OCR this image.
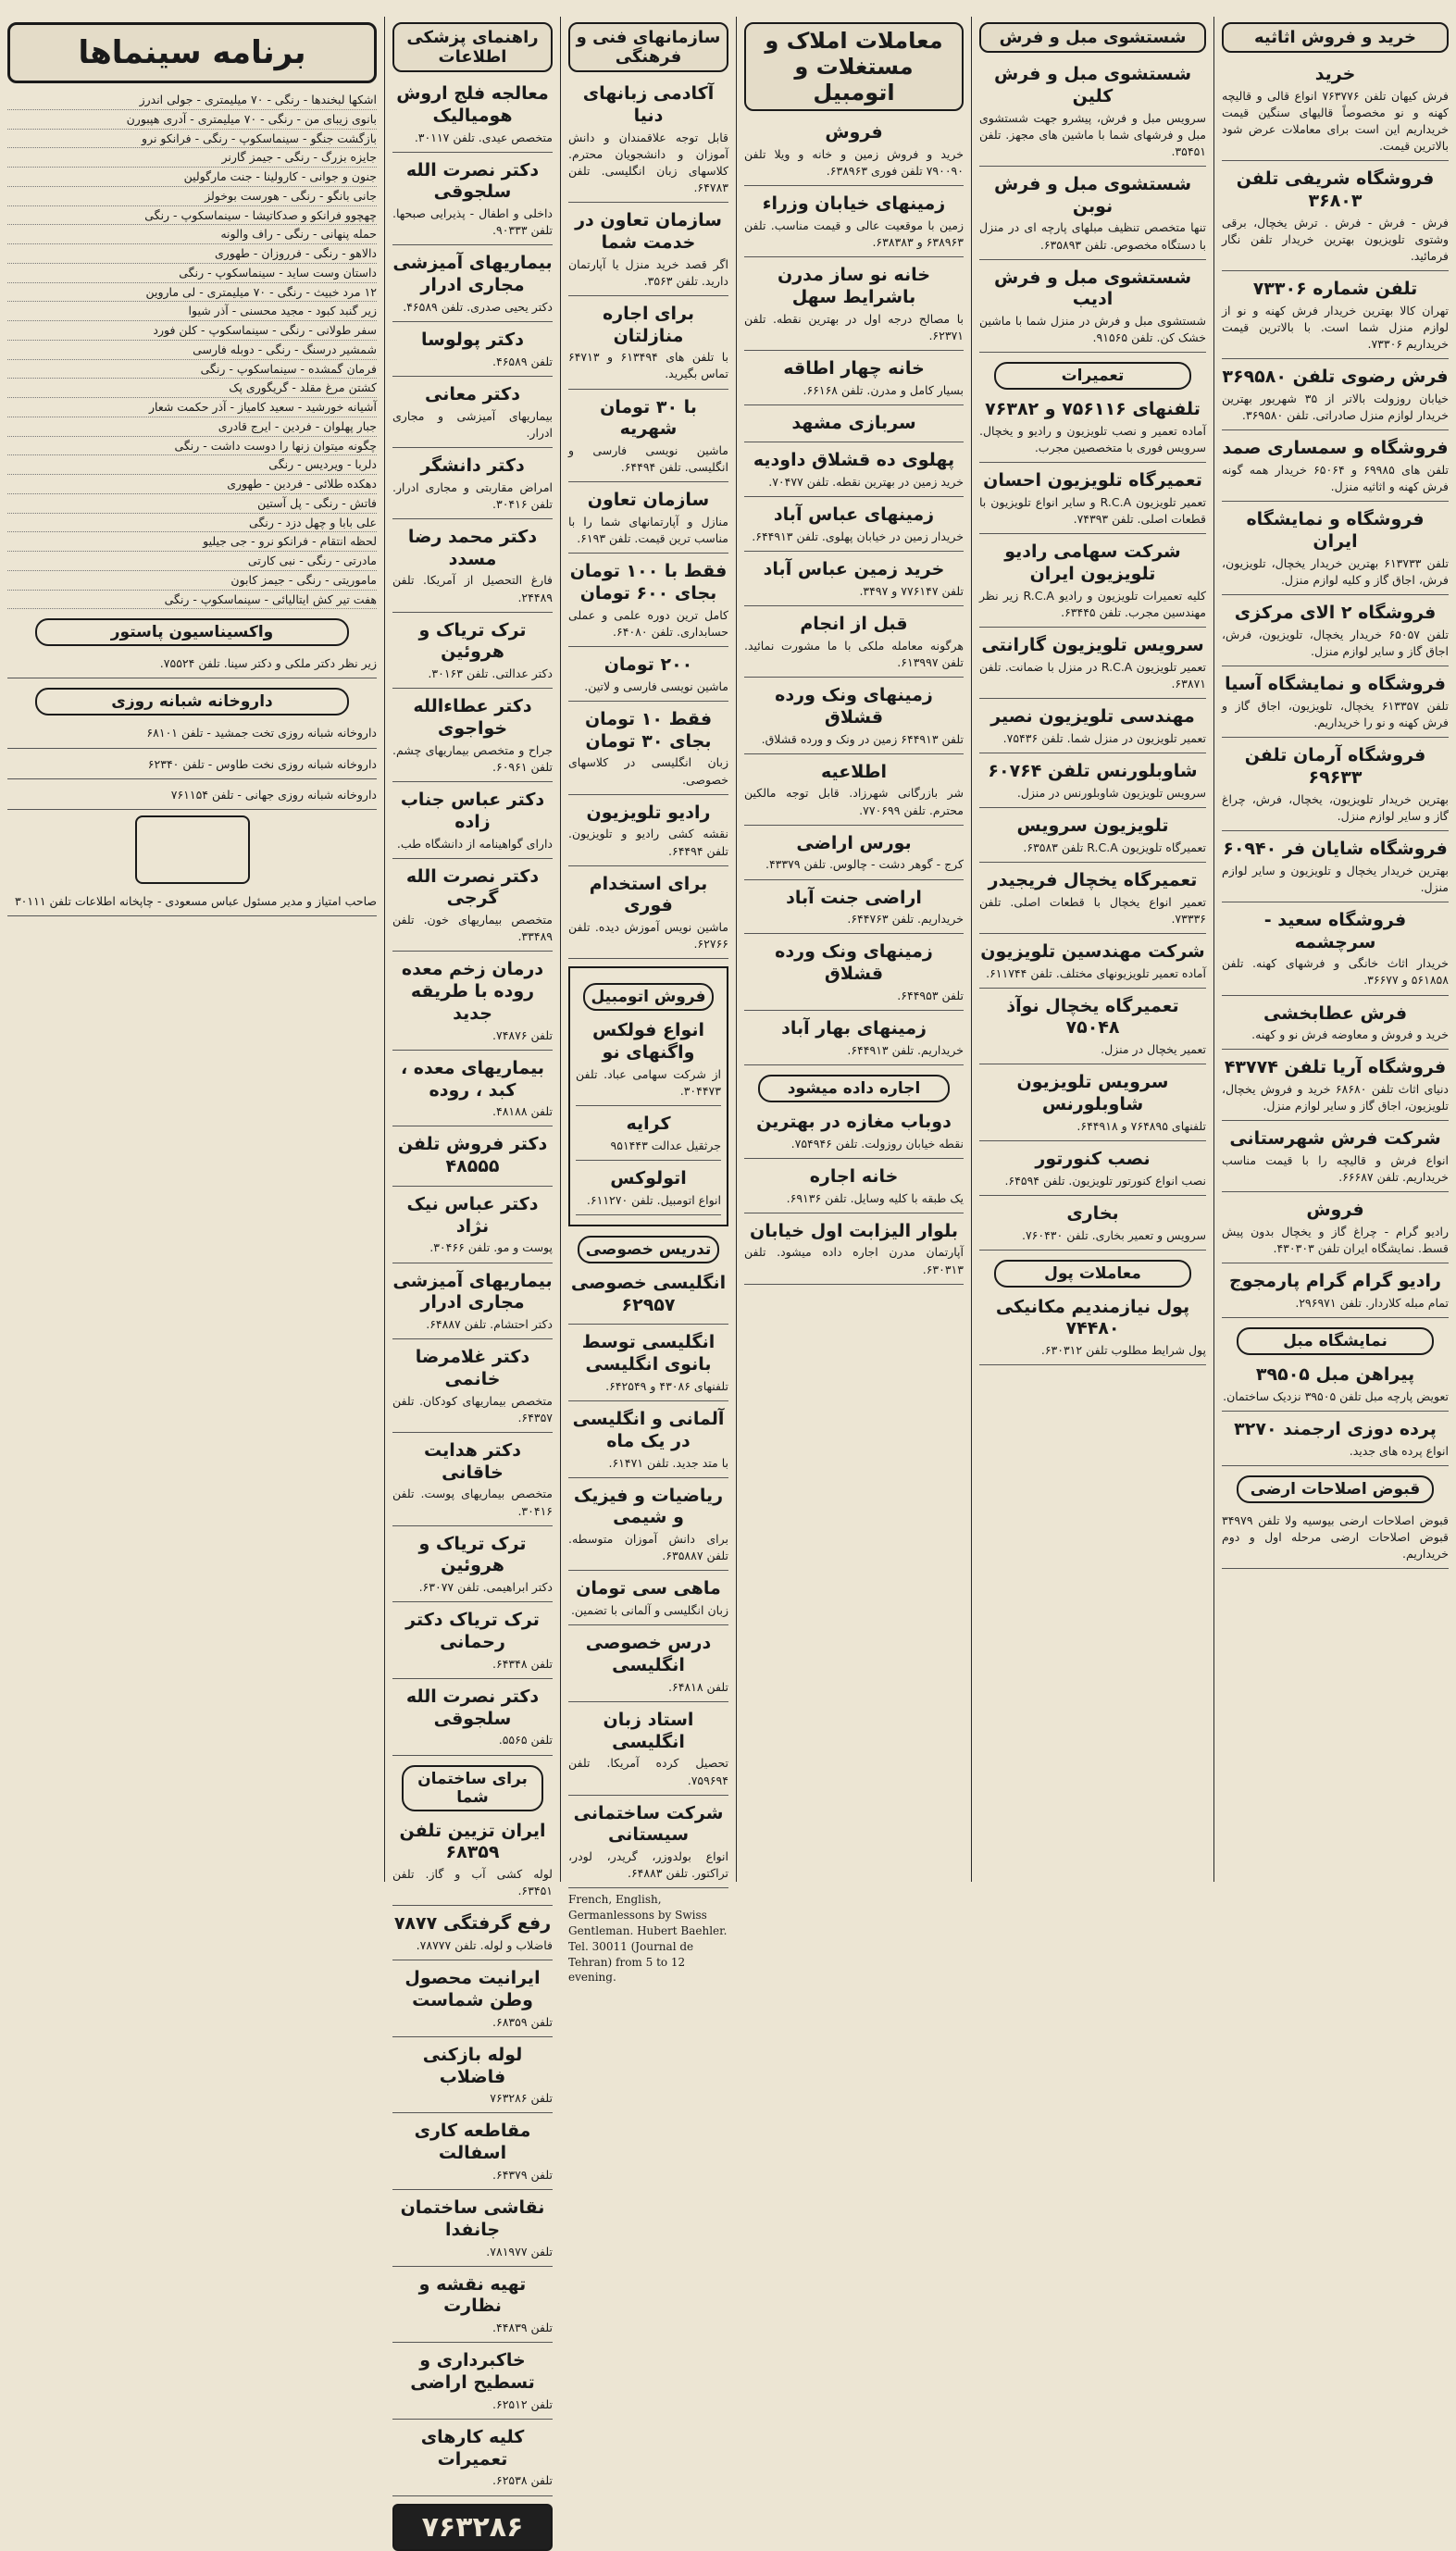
خرید و فروش اثاثیه
خرید

فرش کیهان تلفن ۷۶۳۷۷۶ انواع قالی و قالیچه کهنه و نو مخصوصاً قالیهای سنگین قیمت خریداریم این است برای معاملات عرض شود بالاترین قیمت.

فروشگاه شریفی تلفن ۳۶۸۰۳

فرش - فرش - فرش . ترش یخچال، برقی وشتوی تلویزیون بهترین خریدار تلفن نگار فرمائید.

تلفن شماره ۷۳۳۰۶

تهران کالا بهترین خریدار فرش کهنه و نو از لوازم منزل شما است. با بالاترین قیمت خریداریم ۷۳۳۰۶.

فرش رضوی تلفن ۳۶۹۵۸۰

خیابان روزولت بالاتر از ۳۵ شهریور بهترین خریدار لوازم منزل صادراتی. تلفن ۳۶۹۵۸۰.

فروشگاه و سمسارى صمد

تلفن های ۶۹۹۸۵ و ۶۵۰۶۴ خریدار همه گونه فرش کهنه و اثاثیه منزل.

فروشگاه و نمایشگاه ایران

تلفن ۶۱۳۷۳۳ بهترین خریدار یخچال، تلویزیون، فرش، اجاق گاز و کلیه لوازم منزل.

فروشگاه ۲ الای مرکزی

تلفن ۶۵۰۵۷ خریدار یخچال، تلویزیون، فرش، اجاق گاز و سایر لوازم منزل.

فروشگاه و نمایشگاه آسیا

تلفن ۶۱۳۳۵۷ یخچال، تلویزیون، اجاق گاز و فرش کهنه و نو را خریداریم.

فروشگاه آرمان تلفن ۶۹۶۳۳

بهترین خریدار تلویزیون، یخچال، فرش، چراغ گاز و سایر لوازم منزل.

فروشگاه شایان فر ۶۰۹۴۰

بهترین خریدار یخچال و تلویزیون و سایر لوازم منزل.

فروشگاه سعید - سرچشمه

خریدار اثاث خانگی و فرشهای کهنه. تلفن ۵۶۱۸۵۸ و ۳۶۶۷۷.

فرش عطابخشی

خرید و فروش و معاوضه فرش نو و کهنه.

فروشگاه آریا تلفن ۴۳۷۷۴

دنیای اثاث تلفن ۶۸۶۸۰ خرید و فروش یخچال، تلویزیون، اجاق گاز و سایر لوازم منزل.

شرکت فرش شهرستانی

انواع فرش و قالیچه را با قیمت مناسب خریداریم. تلفن ۶۶۶۸۷.

فروش

رادیو گرام - چراغ گاز و یخچال بدون پیش قسط. نمایشگاه ایران تلفن ۴۳۰۳۰۳.

رادیو گرام گرام پارمجوج

تمام مبله کلاردار. تلفن ۲۹۶۹۷۱.

نمایشگاه مبل
پیراهن مبل ۳۹۵۰۵

تعویض پارچه مبل تلفن ۳۹۵۰۵ نزدیک ساختمان.

پرده دوزی ارجمند ۳۲۷۰

انواع پرده های جدید.

قبوض اصلاحات ارضی

قبوض اصلاحات ارضی بیوسیه ولا تلفن ۳۴۹۷۹ قبوض اصلاحات ارضی مرحله اول و دوم خریداریم.

شستشوی مبل و فرش
شستشوی مبل و فرش کلین

سرویس مبل و فرش، پیشرو جهت شستشوی مبل و فرشهای شما با ماشین های مجهز. تلفن ۳۵۴۵۱.

شستشوی مبل و فرش نوبن

تنها متخصص تنظیف مبلهای پارچه ای در منزل با دستگاه مخصوص. تلفن ۶۳۵۸۹۳.

شستشوی مبل و فرش ادیب

شستشوی مبل و فرش در منزل شما با ماشین خشک کن. تلفن ۹۱۵۶۵.

تعمیرات
تلفنهای ۷۵۶۱۱۶ و ۷۶۳۸۲

آماده تعمیر و نصب تلویزیون و رادیو و یخچال. سرویس فوری با متخصصین مجرب.

تعمیرگاه تلویزیون احسان

تعمیر تلویزیون R.C.A و سایر انواع تلویزیون با قطعات اصلی. تلفن ۷۴۳۹۳.

شرکت سهامی رادیو تلویزیون ایران

کلیه تعمیرات تلویزیون و رادیو R.C.A زیر نظر مهندسین مجرب. تلفن ۶۳۴۴۵.

سرویس تلویزیون گارانتی

تعمیر تلویزیون R.C.A در منزل با ضمانت. تلفن ۶۳۸۷۱.

مهندسی تلویزیون نصیر

تعمیر تلویزیون در منزل شما. تلفن ۷۵۴۳۶.

شاوبلورنس تلفن ۶۰۷۶۴

سرویس تلویزیون شاوبلورنس در منزل.

تلویزیون سرویس

تعمیرگاه تلویزیون R.C.A تلفن ۶۳۵۸۳.

تعمیرگاه یخچال فریجیدر

تعمیر انواع یخچال با قطعات اصلی. تلفن ۷۳۳۳۶.

شرکت مهندسین تلویزیون

آماده تعمیر تلویزیونهای مختلف. تلفن ۶۱۱۷۴۴.

تعمیرگاه یخچال نوآذ ۷۵۰۴۸

تعمیر یخچال در منزل.

سرویس تلویزیون شاوبلورنس

تلفنهای ۷۶۴۸۹۵ و ۶۴۴۹۱۸.

نصب کنورتور

نصب انواع کنورتور تلویزیون. تلفن ۶۴۵۹۴.

بخاری

سرویس و تعمیر بخاری. تلفن ۷۶۰۴۳۰.

معاملات پول
پول نیازمندیم مکانیکی ۷۴۴۸۰

پول شرایط مطلوب تلفن ۶۳۰۳۱۲.

معاملات املاک و مستغلات و اتومبیل
فروش

خرید و فروش زمین و خانه و ویلا تلفن ۷۹۰۰۹۰ تلفن فوری ۶۳۸۹۶۳.

زمینهای خیابان وزراء

زمین با موقعیت عالی و قیمت مناسب. تلفن ۶۳۸۹۶۳ و ۶۳۸۳۸۳.

خانه نو ساز مدرن باشرایط سهل

با مصالح درجه اول در بهترین نقطه. تلفن ۶۲۳۷۱.

خانه چهار اطاقه

بسیار کامل و مدرن. تلفن ۶۶۱۶۸.

سربازی مشهد
پهلوی ده قشلاق داودیه

خرید زمین در بهترین نقطه. تلفن ۷۰۴۷۷.

زمینهای عباس آباد

خریدار زمین در خیابان پهلوی. تلفن ۶۴۴۹۱۳.

خرید زمین عباس آباد

تلفن ۷۷۶۱۴۷ و ۳۴۹۷.

قبل از انجام

هرگونه معامله ملکی با ما مشورت نمائید. تلفن ۶۱۳۹۹۷.

زمینهای ونک ورده قشلاق

تلفن ۶۴۴۹۱۳ زمین در ونک و ورده قشلاق.

اطلاعیه

شر بازرگانی شهرزاد. قابل توجه مالکین محترم. تلفن ۷۷۰۶۹۹.

بورس اراضی

کرج - گوهر دشت - چالوس. تلفن ۴۳۳۷۹.

اراضی جنت آباد

خریداریم. تلفن ۶۴۴۷۶۳.

زمینهای ونک ورده قشلاق

تلفن ۶۴۴۹۵۳.

زمینهای بهار آباد

خریداریم. تلفن ۶۴۴۹۱۳.

اجاره داده میشود
دوباب مغازه در بهترین

نقطه خیابان روزولت. تلفن ۷۵۴۹۴۶.

خانه اجاره

یک طبقه با کلیه وسایل. تلفن ۶۹۱۳۶.

بلوار الیزابت اول خیابان

آپارتمان مدرن اجاره داده میشود. تلفن ۶۳۰۳۱۳.

سازمانهای فنی و فرهنگی
آکادمی زبانهای دنیا

قابل توجه علاقمندان و دانش آموزان و دانشجویان محترم. کلاسهای زبان انگلیسی. تلفن ۶۴۷۸۳.

سازمان تعاون در خدمت شما

اگر قصد خرید منزل یا آپارتمان دارید. تلفن ۳۵۶۳.

برای اجاره منازلتان

با تلفن های ۶۱۳۴۹۴ و ۶۴۷۱۳ تماس بگیرید.

با ۳۰ تومان شهریه

ماشین نویسی فارسی و انگلیسی. تلفن ۶۴۴۹۴.

سازمان تعاون

منازل و آپارتمانهای شما را با مناسب ترین قیمت. تلفن ۶۱۹۳.

فقط با ۱۰۰ تومان بجای ۶۰۰ تومان

کامل ترین دوره علمی و عملی حسابداری. تلفن ۶۴۰۸۰.

۲۰۰ تومان

ماشین نویسی فارسی و لاتین.

فقط ۱۰ تومان بجای ۳۰ تومان

زبان انگلیسی در کلاسهای خصوصی.

رادیو تلویزیون

نقشه کشی رادیو و تلویزیون. تلفن ۶۴۴۹۴.

برای استخدام فوری

ماشین نویس آموزش دیده. تلفن ۶۲۷۶۶.

فروش اتومبیل
انواع فولکس واگنهای نو

از شرکت سهامی عباد. تلفن ۳۰۴۴۷۳.

کرایه

جرثقیل عدالت ۹۵۱۴۴۳

اتولوکس

انواع اتومبیل. تلفن ۶۱۱۲۷۰.

تدریس خصوصی
انگلیسی خصوصی ۶۲۹۵۷
انگلیسی توسط بانوی انگلیسی

تلفنهای ۴۳۰۸۶ و ۶۴۲۵۴۹.

آلمانی و انگلیسی در یک ماه

با متد جدید. تلفن ۶۱۴۷۱.

ریاضیات و فیزیک و شیمی

برای دانش آموزان متوسطه. تلفن ۶۳۵۸۸۷.

ماهی سی تومان

زبان انگلیسی و آلمانی با تضمین.

درس خصوصی انگلیسی

تلفن ۶۴۸۱۸.

استاد زبان انگلیسی

تحصیل کرده آمریکا. تلفن ۷۵۹۶۹۴.

شرکت ساختمانی سیستانی

انواع بولدوزر، گریدر، لودر، تراکتور. تلفن ۶۴۸۸۳.

French, English, Germanlessons by Swiss Gentleman. Hubert Baehler. Tel. 30011 (Journal de Tehran) from 5 to 12 evening.
راهنمای پزشکی اطلاعات
معالجه فلج اروش هومیالیک

متخصص عیدی. تلفن ۳۰۱۱۷.

دکتر نصرت الله سلجوقی

داخلی و اطفال - پذیرایی صبحها. تلفن ۹۰۳۳۳.

بیماریهای آمیزشی مجاری ادرار

دکتر یحیی صدری. تلفن ۴۶۵۸۹.

دکتر پولوسا

تلفن ۴۶۵۸۹.

دکتر معانی

بیماریهای آمیزشی و مجاری ادرار.

دکتر دانشگر

امراض مقاربتی و مجاری ادرار. تلفن ۳۰۴۱۶.

دکتر محمد رضا مسدد

فارغ التحصیل از آمریکا. تلفن ۲۴۴۸۹.

ترک تریاک و هروئین

دکتر عدالتی. تلفن ۳۰۱۶۳.

دکتر عطاءالله خواجوی

جراح و متخصص بیماریهای چشم. تلفن ۶۰۹۶۱.

دکتر عباس جناب زاده

دارای گواهینامه از دانشگاه طب.

دکتر نصرت الله گرجی

متخصص بیماریهای خون. تلفن ۳۳۴۸۹.

درمان زخم معده روده با طریقه جدید

تلفن ۷۴۸۷۶.

بیماریهای معده ، کبد ، روده

تلفن ۴۸۱۸۸.

دکتر فروش تلفن ۴۸۵۵۵
دکتر عباس نیک نژاد

پوست و مو. تلفن ۳۰۴۶۶.

بیماریهای آمیزشی مجاری ادرار

دکتر احتشام. تلفن ۶۴۸۸۷.

دکتر غلامرضا خانمی

متخصص بیماریهای کودکان. تلفن ۶۴۳۵۷.

دکتر هدایت خاقانی

متخصص بیماریهای پوست. تلفن ۳۰۴۱۶.

ترک تریاک و هروئین

دکتر ابراهیمی. تلفن ۶۳۰۷۷.

ترک تریاک دکتر رحمانی

تلفن ۶۴۳۴۸.

دکتر نصرت الله سلجوقی

تلفن ۵۵۶۵.

برای ساختمان شما
ایران تزیین تلفن ۶۸۳۵۹

لوله کشی آب و گاز. تلفن ۶۳۴۵۱.

رفع گرفتگی ۷۸۷۷

فاضلاب و لوله. تلفن ۷۸۷۷۷.

ایرانیت محصول وطن شماست

تلفن ۶۸۳۵۹.

لوله بازکنی فاضلاب

تلفن ۷۶۳۲۸۶

مقاطعه کاری اسفالت

تلفن ۶۴۳۷۹.

نقاشی ساختمان جانفدا

تلفن ۷۸۱۹۷۷.

تهیه نقشه و نظارت

تلفن ۴۴۸۳۹.

خاکبرداری و تسطیح اراضی

تلفن ۶۲۵۱۲.

کلیه کارهای تعمیرات

تلفن ۶۲۵۳۸.

۷۶۳۲۸۶
برنامه سینماها
اشکها لبخندها - رنگی - ۷۰ میلیمتری - جولی اندرز
بانوی زیبای من - رنگی - ۷۰ میلیمتری - آدری هپبورن
بازگشت جنگو - سینماسکوپ - رنگی - فرانکو نرو
جایزه بزرگ - رنگی - جیمز گارنر
جنون و جوانی - کارولینا - جنت مارگولین
جانی بانگو - رنگی - هورست بوخولز
چهچوو فرانکو و صدکاتیشا - سینماسکوپ - رنگی
حمله پنهانی - رنگی - راف والونه
دالاهو - رنگی - فرروزان - طهوری
داستان وست ساید - سینماسکوپ - رنگی
۱۲ مرد خبیث - رنگی - ۷۰ میلیمتری - لی ماروین
زیر گنبد کبود - مجید محسنی - آذر شیوا
سفر طولانی - رنگی - سینماسکوپ - کلن فورد
شمشیر درسنگ - رنگی - دوبله فارسی
فرمان گمشده - سینماسکوپ - رنگی
کشتن مرغ مقلد - گریگوری پک
آشیانه خورشید - سعید کامیاز - آذر حکمت شعار
جبار پهلوان - فردین - ایرج قادری
چگونه میتوان زنها را دوست داشت - رنگی
دلربا - ویردیس - رنگی
دهکده طلائی - فردین - طهوری
فاتش - رنگی - پل آستین
علی بابا و چهل دزد - رنگی
لحظه انتقام - فرانکو نرو - جی جیلیو
مادرتی - رنگی - نبی کارتی
ماموریتی - رنگی - جیمز کابون
هفت تیر کش ایتالیائی - سینماسکوپ - رنگی
واکسیناسیون پاستور

زیر نظر دکتر ملکی و دکتر سینا. تلفن ۷۵۵۲۴.

داروخانه شبانه روزی

داروخانه شبانه روزی تخت جمشید - تلفن ۶۸۱۰۱

داروخانه شبانه روزی نخت طاوس - تلفن ۶۲۳۴۰

داروخانه شبانه روزی جهانی - تلفن ۷۶۱۱۵۴

صاحب امتیاز و مدیر مسئول عباس مسعودی - چاپخانه اطلاعات تلفن ۳۰۱۱۱
